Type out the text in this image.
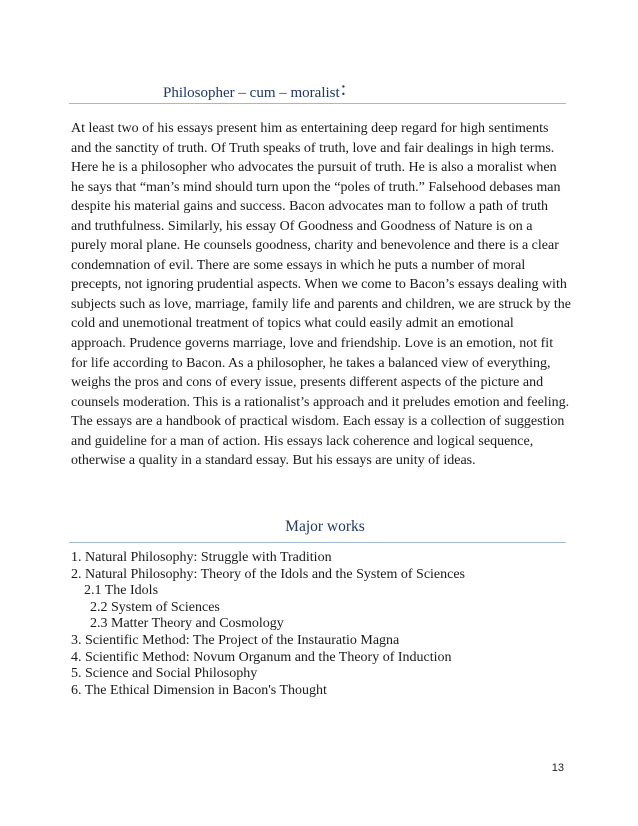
Philosopher – cum – moralist:

At least two of his essays present him as entertaining deep regard for high sentiments and the sanctity of truth. Of Truth speaks of truth, love and fair dealings in high terms. Here he is a philosopher who advocates the pursuit of truth. He is also a moralist when he says that “man’s mind should turn upon the “poles of truth.” Falsehood debases man despite his material gains and success. Bacon advocates man to follow a path of truth and truthfulness. Similarly, his essay Of Goodness and Goodness of Nature is on a purely moral plane. He counsels goodness, charity and benevolence and there is a clear condemnation of evil. There are some essays in which he puts a number of moral precepts, not ignoring prudential aspects. When we come to Bacon’s essays dealing with subjects such as love, marriage, family life and parents and children, we are struck by the cold and unemotional treatment of topics what could easily admit an emotional approach. Prudence governs marriage, love and friendship. Love is an emotion, not fit for life according to Bacon. As a philosopher, he takes a balanced view of everything, weighs the pros and cons of every issue, presents different aspects of the picture and counsels moderation. This is a rationalist’s approach and it preludes emotion and feeling. The essays are a handbook of practical wisdom. Each essay is a collection of suggestion and guideline for a man of action. His essays lack coherence and logical sequence, otherwise a quality in a standard essay. But his essays are unity of ideas.

Major works
1. Natural Philosophy: Struggle with Tradition
2. Natural Philosophy: Theory of the Idols and the System of Sciences
2.1 The Idols
2.2 System of Sciences
2.3 Matter Theory and Cosmology
3. Scientific Method: The Project of the Instauratio Magna
4. Scientific Method: Novum Organum and the Theory of Induction
5. Science and Social Philosophy
6. The Ethical Dimension in Bacon's Thought
13
